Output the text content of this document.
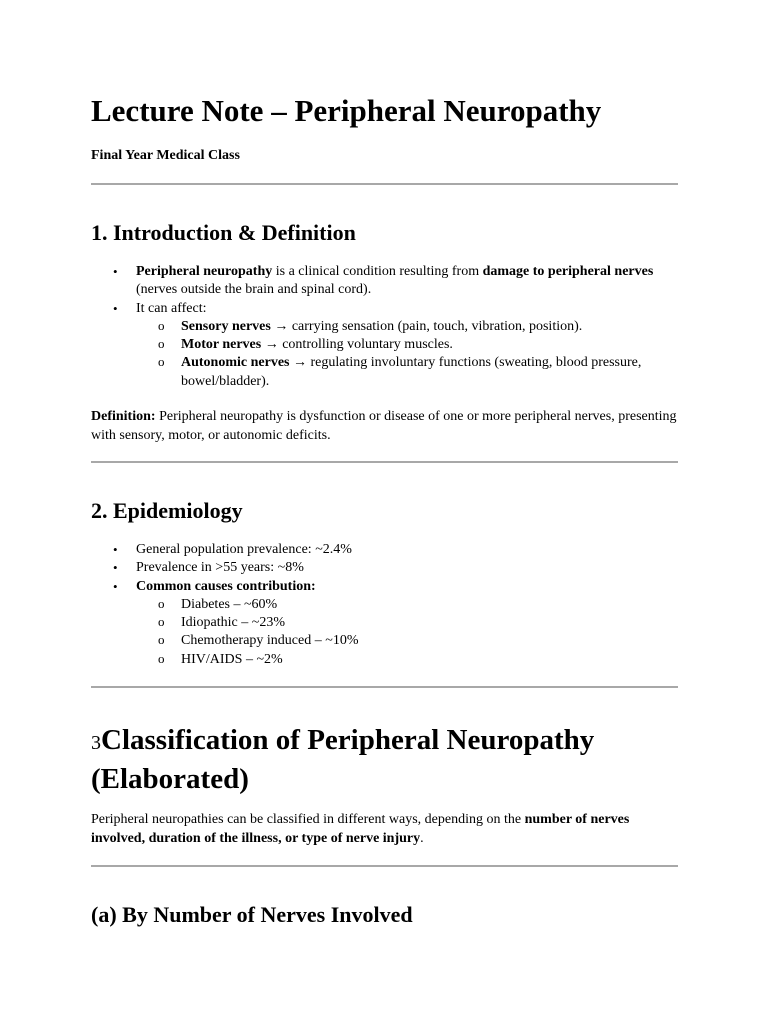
Lecture Note – Peripheral Neuropathy

Final Year Medical Class

1. Introduction & Definition
• Peripheral neuropathy is a clinical condition resulting from damage to peripheral nerves (nerves outside the brain and spinal cord).
• It can affect:
o Sensory nerves → carrying sensation (pain, touch, vibration, position).
o Motor nerves → controlling voluntary muscles.
o Autonomic nerves → regulating involuntary functions (sweating, blood pressure, bowel/bladder).

Definition: Peripheral neuropathy is dysfunction or disease of one or more peripheral nerves, presenting with sensory, motor, or autonomic deficits.

2. Epidemiology
• General population prevalence: ~2.4%
• Prevalence in >55 years: ~8%
• Common causes contribution:
o Diabetes – ~60%
o Idiopathic – ~23%
o Chemotherapy induced – ~10%
o HIV/AIDS – ~2%
3Classification of Peripheral Neuropathy (Elaborated)

Peripheral neuropathies can be classified in different ways, depending on the number of nerves involved, duration of the illness, or type of nerve injury.

(a) By Number of Nerves Involved
